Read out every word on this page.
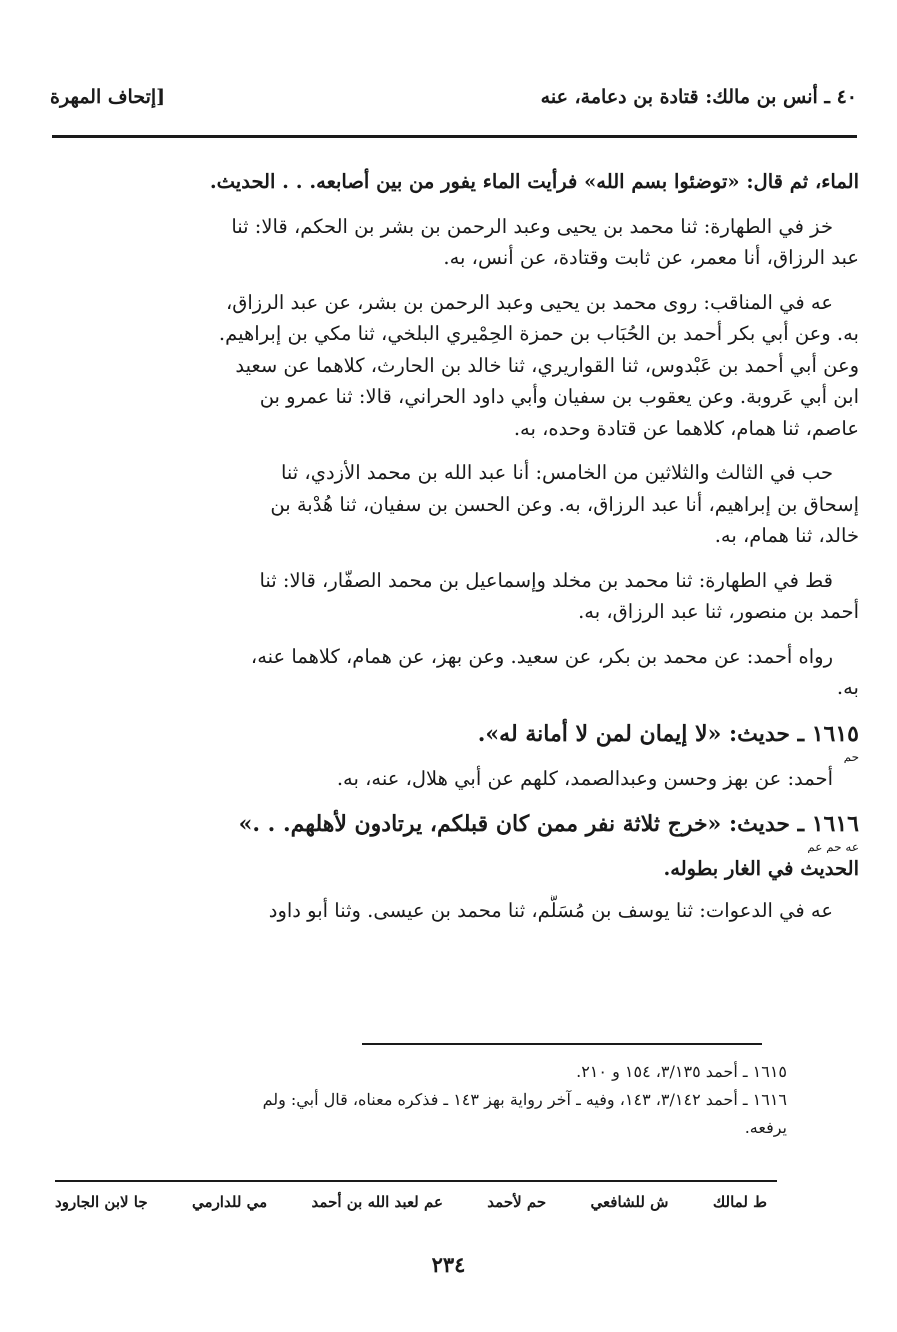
٤٠ ـ أنس بن مالك: قتادة بن دعامة، عنه
[إتحاف المهرة

الماء، ثم قال: «توضئوا بسم الله» فرأيت الماء يفور من بين أصابعه. . . الحديث.

خز في الطهارة: ثنا محمد بن يحيى وعبد الرحمن بن بشر بن الحكم، قالا: ثنا
عبد الرزاق، أنا معمر، عن ثابت وقتادة، عن أنس، به.

عه في المناقب: روى محمد بن يحيى وعبد الرحمن بن بشر، عن عبد الرزاق،
به. وعن أبي بكر أحمد بن الحُبَاب بن حمزة الحِمْيري البلخي، ثنا مكي بن إبراهيم.
وعن أبي أحمد بن عَبْدوس، ثنا القواريري، ثنا خالد بن الحارث، كلاهما عن سعيد
ابن أبي عَروبة. وعن يعقوب بن سفيان وأبي داود الحراني، قالا: ثنا عمرو بن
عاصم، ثنا همام، كلاهما عن قتادة وحده، به.

حب في الثالث والثلاثين من الخامس: أنا عبد الله بن محمد الأزدي، ثنا
إسحاق بن إبراهيم، أنا عبد الرزاق، به. وعن الحسن بن سفيان، ثنا هُدْبة بن
خالد، ثنا همام، به.

قط في الطهارة: ثنا محمد بن مخلد وإسماعيل بن محمد الصفّار، قالا: ثنا
أحمد بن منصور، ثنا عبد الرزاق، به.

رواه أحمد: عن محمد بن بكر، عن سعيد. وعن بهز، عن همام، كلاهما عنه،
به.

١٦١٥ ـ حديث: «لا إيمان لمن لا أمانة له».
حم
أحمد: عن بهز وحسن وعبدالصمد، كلهم عن أبي هلال، عنه، به.

١٦١٦ ـ حديث: «خرج ثلاثة نفر ممن كان قبلكم، يرتادون لأهلهم. . .»
عه حم عم
الحديث في الغار بطوله.
عه في الدعوات: ثنا يوسف بن مُسَلَّم، ثنا محمد بن عيسى. وثنا أبو داود

١٦١٥ ـ أحمد ٣/١٣٥، ١٥٤ و ٢١٠.
١٦١٦ ـ أحمد ٣/١٤٢، ١٤٣، وفيه ـ آخر رواية بهز ١٤٣ ـ فذكره معناه، قال أبي: ولم
يرفعه.
ط لمالك
ش للشافعي
حم لأحمد
عم لعبد الله بن أحمد
مي للدارمي
جا لابن الجارود
٢٣٤
